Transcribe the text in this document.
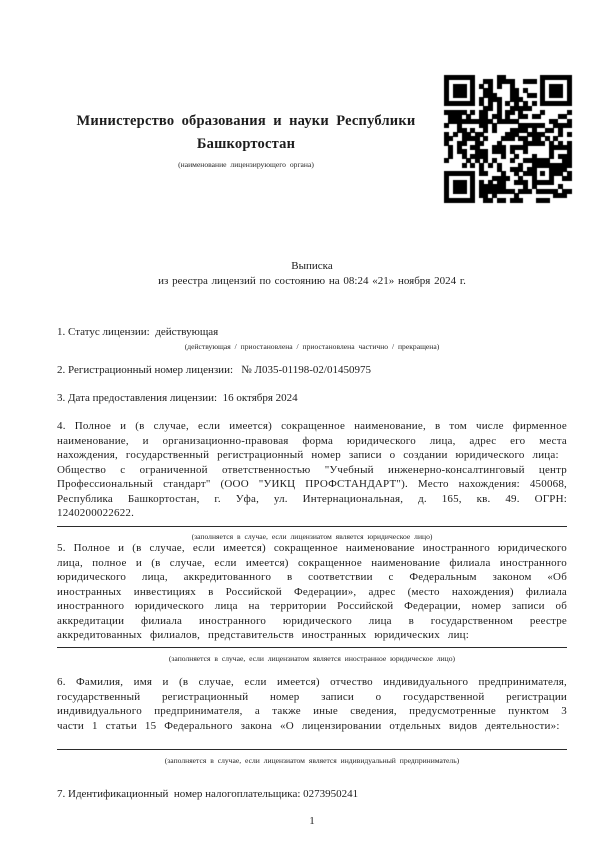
Министерство образования и науки Республики
Башкортостан
(наименование лицензирующего органа)
Выписка
из реестра лицензий по состоянию на 08:24 «21» ноября 2024 г.
1. Статус лицензии:  действующая
(действующая / приостановлена / приостановлена частично / прекращена)
2. Регистрационный номер лицензии:   № Л035-01198-02/01450975
3. Дата предоставления лицензии:  16 октября 2024
4. Полное и (в случае, если имеется) сокращенное наименование, в том числе фирменное наименование, и организационно-правовая форма юридического лица, адрес его места нахождения, государственный регистрационный номер записи о создании юридического лица:
Общество с ограниченной ответственностью "Учебный инженерно-консалтинговый центр Профессиональный стандарт" (ООО "УИКЦ ПРОФСТАНДАРТ"). Место нахождения: 450068, Республика Башкортостан, г. Уфа, ул. Интернациональная, д. 165, кв. 49. ОГРН: 1240200022622.
(заполняется в случае, если лицензиатом является юридическое лицо)
5. Полное и (в случае, если имеется) сокращенное наименование иностранного юридического лица, полное и (в случае, если имеется) сокращенное наименование филиала иностранного юридического лица, аккредитованного в соответствии с Федеральным законом «Об иностранных инвестициях в Российской Федерации», адрес (место нахождения) филиала иностранного юридического лица на территории Российской Федерации, номер записи об аккредитации филиала иностранного юридического лица в государственном реестре аккредитованных филиалов, представительств иностранных юридических лиц:
(заполняется в случае, если лицензиатом является иностранное юридическое лицо)
6. Фамилия, имя и (в случае, если имеется) отчество индивидуального предпринимателя, государственный регистрационный номер записи о государственной регистрации индивидуального предпринимателя, а также иные сведения, предусмотренные пунктом 3 части 1 статьи 15 Федерального закона «О лицензировании отдельных видов деятельности»:
(заполняется в случае, если лицензиатом является индивидуальный предприниматель)
7. Идентификационный  номер налогоплательщика: 0273950241
1
